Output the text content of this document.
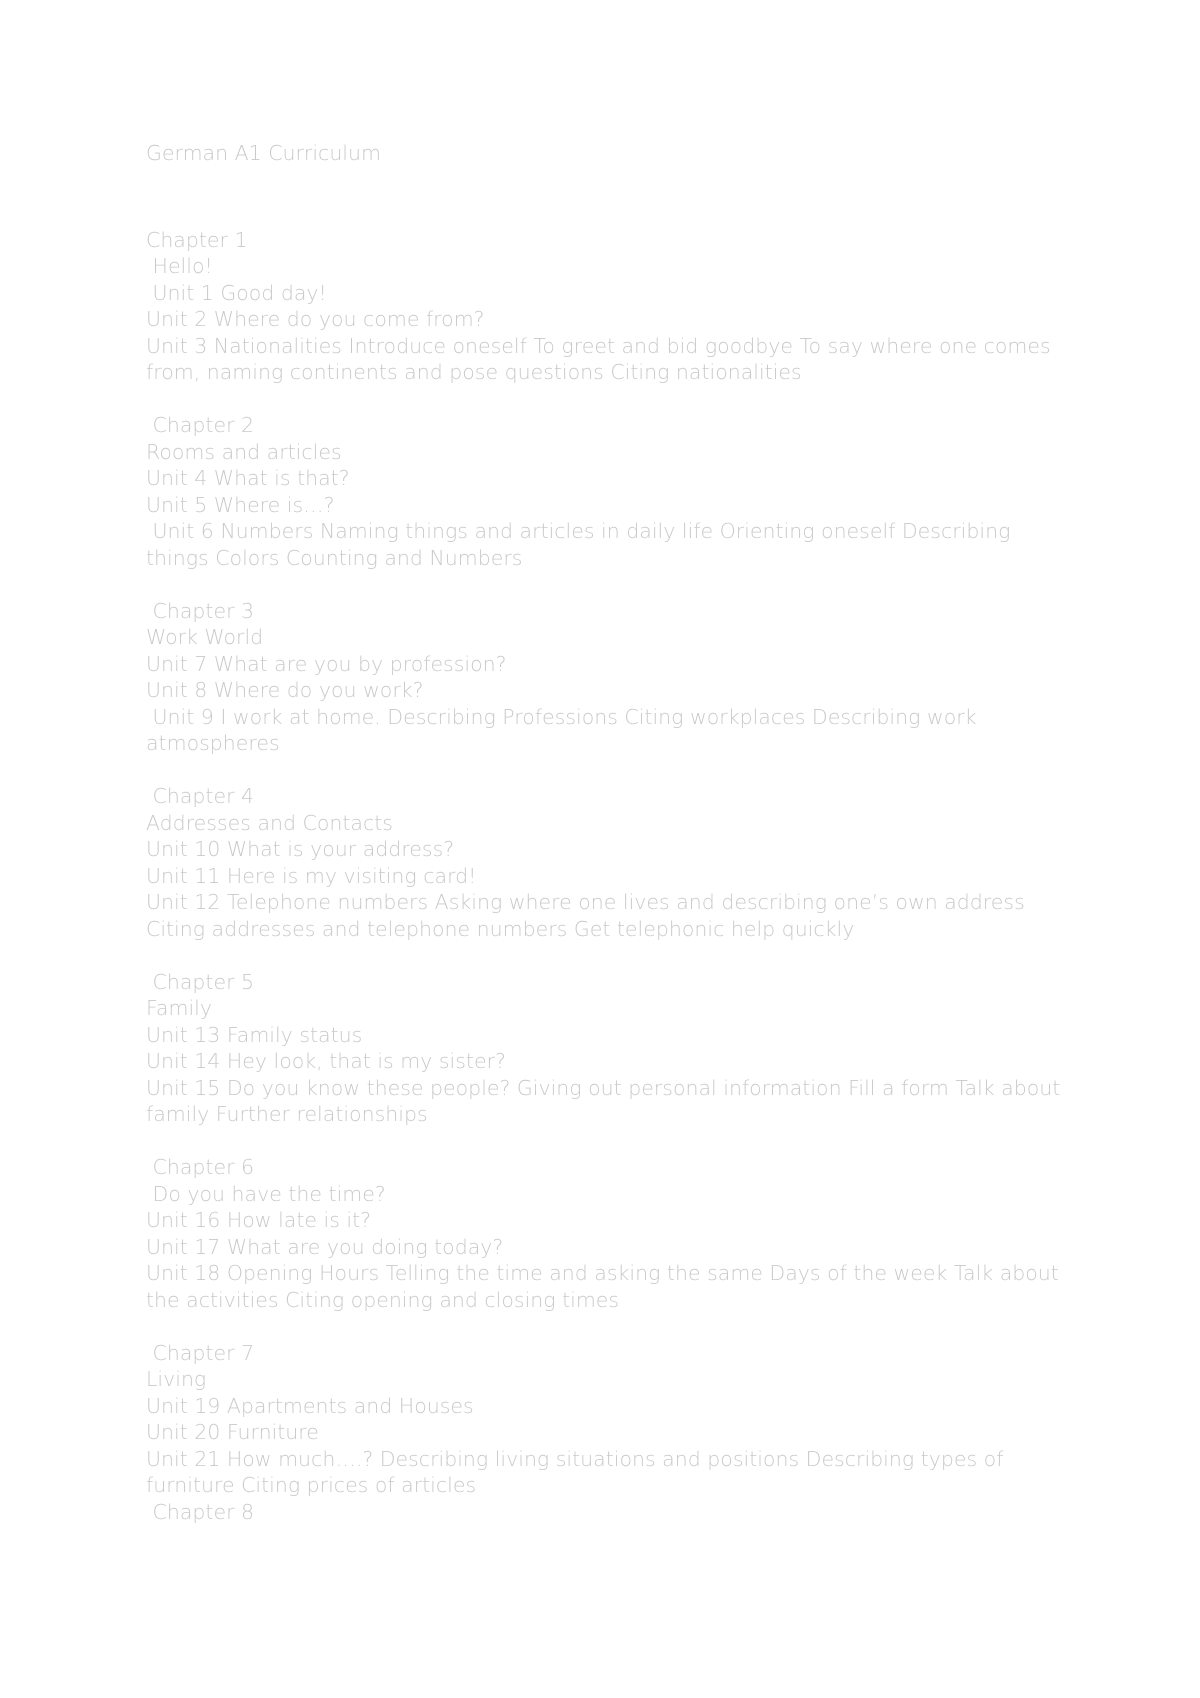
German A1 Curriculum

Chapter 1

Hello!

Unit 1 Good day!

Unit 2 Where do you come from?

Unit 3 Nationalities Introduce oneself To greet and bid goodbye To say where one comes from, naming continents and pose questions Citing nationalities

Chapter 2

Rooms and articles

Unit 4 What is that?

Unit 5 Where is…?

Unit 6 Numbers Naming things and articles in daily life Orienting oneself Describing things Colors Counting and Numbers

Chapter 3

Work World

Unit 7 What are you by profession?

Unit 8 Where do you work?

Unit 9 I work at home. Describing Professions Citing workplaces Describing work atmospheres

Chapter 4

Addresses and Contacts

Unit 10 What is your address?

Unit 11 Here is my visiting card!

Unit 12 Telephone numbers Asking where one lives and describing one’s own address Citing addresses and telephone numbers Get telephonic help quickly

Chapter 5

Family

Unit 13 Family status

Unit 14 Hey look, that is my sister?

Unit 15 Do you know these people? Giving out personal information Fill a form Talk about family Further relationships

Chapter 6

Do you have the time?

Unit 16 How late is it?

Unit 17 What are you doing today?

Unit 18 Opening Hours Telling the time and asking the same Days of the week Talk about the activities Citing opening and closing times

Chapter 7

Living

Unit 19 Apartments and Houses

Unit 20 Furniture

Unit 21 How much….? Describing living situations and positions Describing types of furniture Citing prices of articles

Chapter 8
